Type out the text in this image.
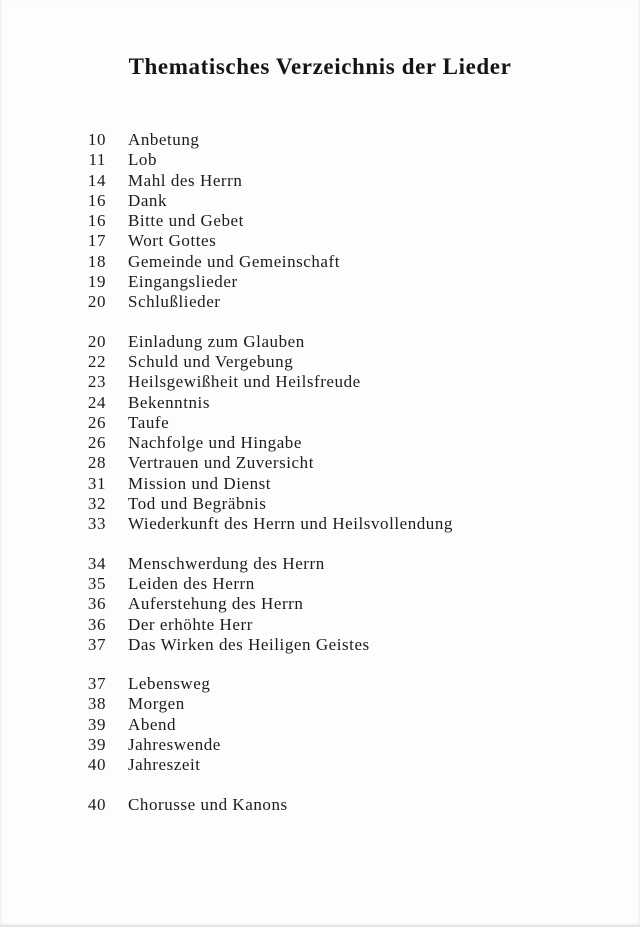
Thematisches Verzeichnis der Lieder
10 Anbetung
11 Lob
14 Mahl des Herrn
16 Dank
16 Bitte und Gebet
17 Wort Gottes
18 Gemeinde und Gemeinschaft
19 Eingangslieder
20 Schlußlieder
20 Einladung zum Glauben
22 Schuld und Vergebung
23 Heilsgewißheit und Heilsfreude
24 Bekenntnis
26 Taufe
26 Nachfolge und Hingabe
28 Vertrauen und Zuversicht
31 Mission und Dienst
32 Tod und Begräbnis
33 Wiederkunft des Herrn und Heilsvollendung
34 Menschwerdung des Herrn
35 Leiden des Herrn
36 Auferstehung des Herrn
36 Der erhöhte Herr
37 Das Wirken des Heiligen Geistes
37 Lebensweg
38 Morgen
39 Abend
39 Jahreswende
40 Jahreszeit
40 Chorusse und Kanons
